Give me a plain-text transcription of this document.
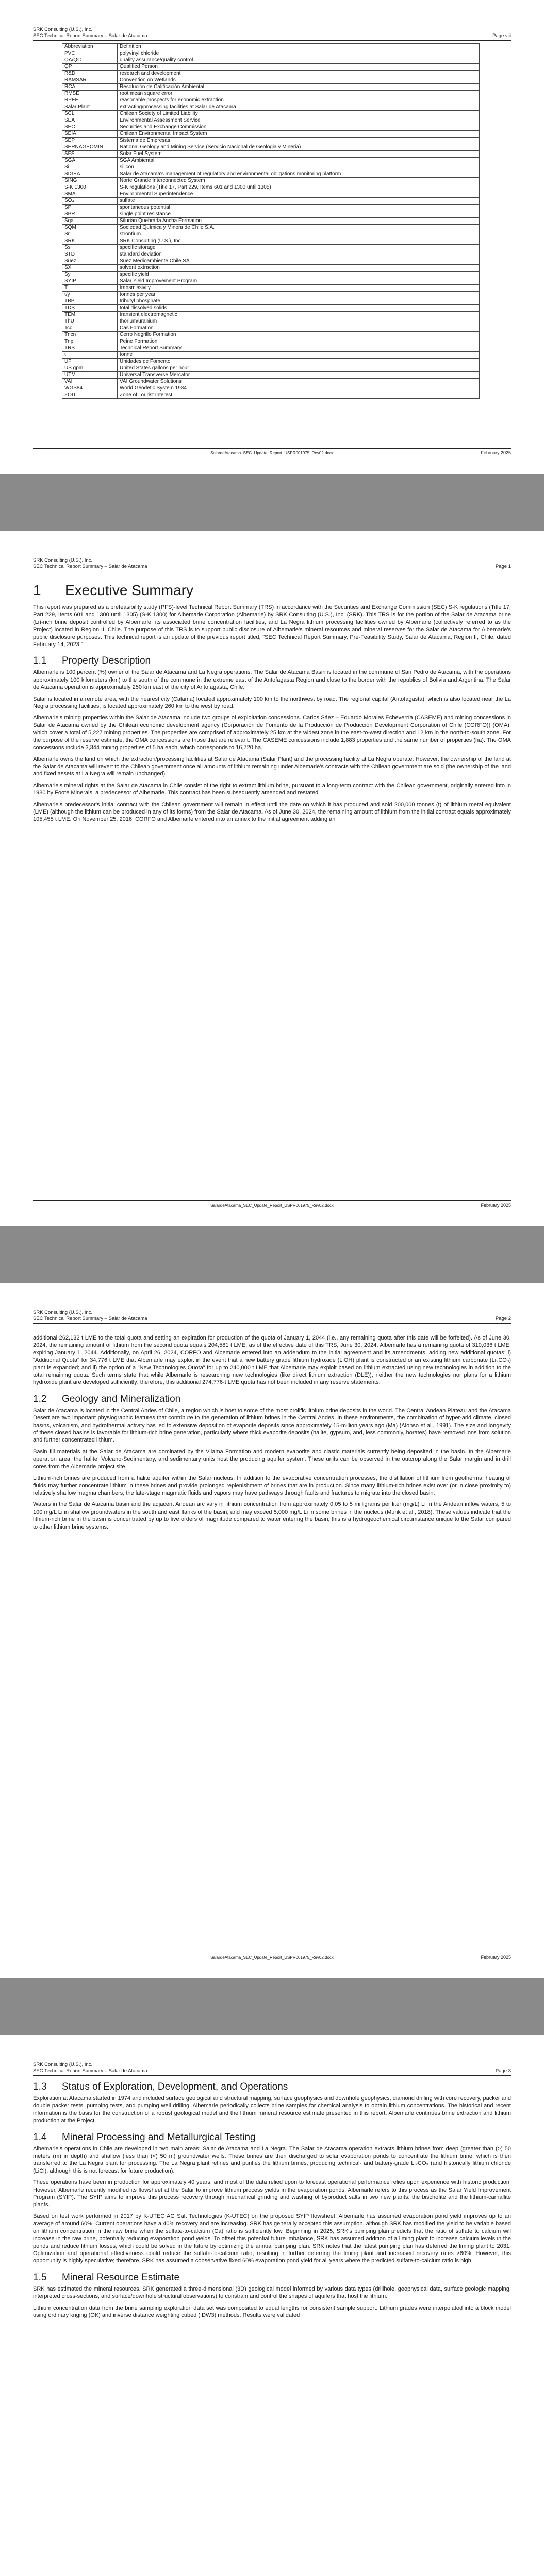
SRK Consulting (U.S.), Inc.
SEC Technical Report Summary – Salar de Atacama	Page viii
Abbreviation	Definition
PVC	polyvinyl chloride
QA/QC	quality assurance/quality control
QP	Qualified Person
R&D	research and development
RAMSAR	Convention on Wetlands
RCA	Resolución de Calificación Ambiental
RMSE	root mean square error
RPEE	reasonable prospects for economic extraction
Salar Plant	extracting/processing facilities at Salar de Atacama
SCL	Chilean Society of Limited Liability
SEA	Environmental Assessment Service
SEC	Securities and Exchange Commission
SEIA	Chilean Environmental Impact System
SEP	Sistema de Empresas
SERNAGEOMIN	National Geology and Mining Service (Servicio Nacional de Geologia y Mineria)
SFS	Solar Fuel System
SGA	SGA Ambiental
Si	silicon
SIGEA	Salar de Atacama's management of regulatory and environmental obligations monitoring platform
SING	Norte Grande Interconnected System
S-K 1300	S-K regulations (Title 17, Part 229, Items 601 and 1300 until 1305)
SMA	Environmental Superintendence
SO₄	sulfate
SP	spontaneous potential
SPR	single point resistance
Sqa	Silurian Quebrada Ancha Formation
SQM	Sociedad Química y Minera de Chile S.A.
Sr	strontium
SRK	SRK Consulting (U.S.), Inc.
Ss	specific storage
STD	standard deviation
Suez	Suez Medioambiente Chile SA
SX	solvent extraction
Sy	specific yield
SYIP	Salar Yield Improvement Program
T	transmissivity
t/y	tonnes per year
TBP	tributyl phosphate
TDS	total dissolved solids
TEM	transient electromagnetic
ThU	thorium/uranium
Tcc	Cas Formation
Tncn	Cerro Negrillo Formation
Tnp	Peine Formation
TRS	Technical Report Summary
t	tonne
UF	Unidades de Fomento
US gpm	United States gallons per hour
UTM	Universal Transverse Mercator
VAI	VAI Groundwater Solutions
WGS84	World Geodetic System 1984
ZOIT	Zone of Tourist Interest
SalardeAtacama_SEC_Update_Report_USPR001975_Rev02.docx	February 2025
SRK Consulting (U.S.), Inc.
SEC Technical Report Summary – Salar de Atacama	Page 1
1	Executive Summary

This report was prepared as a prefeasibility study (PFS)-level Technical Report Summary (TRS) in accordance with the Securities and Exchange Commission (SEC) S-K regulations (Title 17, Part 229, Items 601 and 1300 until 1305) (S-K 1300) for Albemarle Corporation (Albemarle) by SRK Consulting (U.S.), Inc. (SRK). This TRS is for the portion of the Salar de Atacama brine (Li)-rich brine deposit controlled by Albemarle, its associated brine concentration facilities, and La Negra lithium processing facilities owned by Albemarle (collectively referred to as the Project) located in Region II, Chile. The purpose of this TRS is to support public disclosure of Albemarle's mineral resources and mineral reserves for the Salar de Atacama for Albemarle's public disclosure purposes. This technical report is an update of the previous report titled, "SEC Technical Report Summary, Pre-Feasibility Study, Salar de Atacama, Region II, Chile, dated February 14, 2023."

1.1	Property Description

Albemarle is 100 percent (%) owner of the Salar de Atacama and La Negra operations. The Salar de Atacama Basin is located in the commune of San Pedro de Atacama, with the operations approximately 100 kilometers (km) to the south of the commune in the extreme east of the Antofagasta Region and close to the border with the republics of Bolivia and Argentina. The Salar de Atacama operation is approximately 250 km east of the city of Antofagasta, Chile.

Salar is located in a remote area, with the nearest city (Calama) located approximately 100 km to the northwest by road. The regional capital (Antofagasta), which is also located near the La Negra processing facilities, is located approximately 260 km to the west by road.

Albemarle's mining properties within the Salar de Atacama include two groups of exploitation concessions. Carlos Sáez – Eduardo Morales Echeverría (CASEME) and mining concessions in Salar de Atacama owned by the Chilean economic development agency (Corporación de Fomento de la Producción de Producción Development Corporation of Chile (CORFO)) (OMA), which cover a total of 5,227 mining properties. The properties are comprised of approximately 25 km at the widest zone in the east-to-west direction and 12 km in the north-to-south zone. For the purpose of the reserve estimate, the OMA concessions are those that are relevant. The CASEME concessions include 1,883 properties and the same number of properties (ha). The OMA concessions include 3,344 mining properties of 5 ha each, which corresponds to 16,720 ha.

Albemarle owns the land on which the extraction/processing facilities at Salar de Atacama (Salar Plant) and the processing facility at La Negra operate. However, the ownership of the land at the Salar de Atacama will revert to the Chilean government once all amounts of lithium remaining under Albemarle's contracts with the Chilean government are sold (the ownership of the land and fixed assets at La Negra will remain unchanged).

Albemarle's mineral rights at the Salar de Atacama in Chile consist of the right to extract lithium brine, pursuant to a long-term contract with the Chilean government, originally entered into in 1980 by Foote Minerals, a predecessor of Albemarle. This contract has been subsequently amended and restated.

Albemarle's predecessor's initial contract with the Chilean government will remain in effect until the date on which it has produced and sold 200,000 tonnes (t) of lithium metal equivalent (LME) (although the lithium can be produced in any of its forms) from the Salar de Atacama. As of June 30, 2024, the remaining amount of lithium from the initial contract equals approximately 105,455 t LME. On November 25, 2016, CORFO and Albemarle entered into an annex to the initial agreement adding an

SalardeAtacama_SEC_Update_Report_USPR001975_Rev02.docx	February 2025
SRK Consulting (U.S.), Inc.
SEC Technical Report Summary – Salar de Atacama	Page 2

additional 262,132 t LME to the total quota and setting an expiration for production of the quota of January 1, 2044 (i.e., any remaining quota after this date will be forfeited). As of June 30, 2024, the remaining amount of lithium from the second quota equals 204,581 t LME; as of the effective date of this TRS, June 30, 2024, Albemarle has a remaining quota of 310,036 t LME, expiring January 1, 2044. Additionally, on April 26, 2024, CORFO and Albemarle entered into an addendum to the initial agreement and its amendments, adding new additional quotas: i) "Additional Quota" for 34,776 t LME that Albemarle may exploit in the event that a new battery grade lithium hydroxide (LiOH) plant is constructed or an existing lithium carbonate (Li₂CO₃) plant is expanded; and ii) the option of a "New Technologies Quota" for up to 240,000 t LME that Albemarle may exploit based on lithium extracted using new technologies in addition to the total remaining quota. Such terms state that while Albemarle is researching new technologies (like direct lithium extraction (DLE)), neither the new technologies nor plans for a lithium hydroxide plant are developed sufficiently; therefore, this additional 274,776-t LME quota has not been included in any reserve statements.

1.2	Geology and Mineralization

Salar de Atacama is located in the Central Andes of Chile, a region which is host to some of the most prolific lithium brine deposits in the world. The Central Andean Plateau and the Atacama Desert are two important physiographic features that contribute to the generation of lithium brines in the Central Andes. In these environments, the combination of hyper-arid climate, closed basins, volcanism, and hydrothermal activity has led to extensive deposition of evaporite deposits since approximately 15-million years ago (Ma) (Alonso et al., 1991). The size and longevity of these closed basins is favorable for lithium-rich brine generation, particularly where thick evaporite deposits (halite, gypsum, and, less commonly, borates) have removed ions from solution and further concentrated lithium.

Basin fill materials at the Salar de Atacama are dominated by the Vilama Formation and modern evaporite and clastic materials currently being deposited in the basin. In the Albemarle operation area, the halite, Volcano-Sedimentary, and sedimentary units host the producing aquifer system. These units can be observed in the outcrop along the Salar margin and in drill cores from the Albemarle project site.

Lithium-rich brines are produced from a halite aquifer within the Salar nucleus. In addition to the evaporative concentration processes, the distillation of lithium from geothermal heating of fluids may further concentrate lithium in these brines and provide prolonged replenishment of brines that are in production. Since many lithium-rich brines exist over (or in close proximity to) relatively shallow magma chambers, the late-stage magmatic fluids and vapors may have pathways through faults and fractures to migrate into the closed basin.

Waters in the Salar de Atacama basin and the adjacent Andean arc vary in lithium concentration from approximately 0.05 to 5 milligrams per liter (mg/L) Li in the Andean inflow waters, 5 to 100 mg/L Li in shallow groundwaters in the south and east flanks of the basin, and may exceed 5,000 mg/L Li in some brines in the nucleus (Munk et al., 2018). These values indicate that the lithium-rich brine in the basin is concentrated by up to five orders of magnitude compared to water entering the basin; this is a hydrogeochemical circumstance unique to the Salar compared to other lithium brine systems.

SalardeAtacama_SEC_Update_Report_USPR001975_Rev02.docx	February 2025
SRK Consulting (U.S.), Inc.
SEC Technical Report Summary – Salar de Atacama	Page 3
1.3	Status of Exploration, Development, and Operations

Exploration at Atacama started in 1974 and included surface geological and structural mapping, surface geophysics and downhole geophysics, diamond drilling with core recovery, packer and double packer tests, pumping tests, and pumping well drilling. Albemarle periodically collects brine samples for chemical analysis to obtain lithium concentrations. The historical and recent information is the basis for the construction of a robust geological model and the lithium mineral resource estimate presented in this report. Albemarle continues brine extraction and lithium production at the Project.

1.4	Mineral Processing and Metallurgical Testing

Albemarle's operations in Chile are developed in two main areas: Salar de Atacama and La Negra. The Salar de Atacama operation extracts lithium brines from deep (greater than (>) 50 meters (m) in depth) and shallow (less than (<) 50 m) groundwater wells. These brines are then discharged to solar evaporation ponds to concentrate the lithium brine, which is then transferred to the La Negra plant for processing. The La Negra plant refines and purifies the lithium brines, producing technical- and battery-grade Li₂CO₃ (and historically lithium chloride (LiCl), although this is not forecast for future production).

These operations have been in production for approximately 40 years, and most of the data relied upon to forecast operational performance relies upon experience with historic production. However, Albemarle recently modified its flowsheet at the Salar to improve lithium process yields in the evaporation ponds. Albemarle refers to this process as the Salar Yield Improvement Program (SYIP). The SYIP aims to improve this process recovery through mechanical grinding and washing of byproduct salts in two new plants: the bischofite and the lithium-carnallite plants.

Based on test work performed in 2017 by K-UTEC AG Salt Technologies (K-UTEC) on the proposed SYIP flowsheet, Albemarle has assumed evaporation pond yield improves up to an average of around 60%. Current operations have a 40% recovery and are increasing. SRK has generally accepted this assumption, although SRK has modified the yield to be variable based on lithium concentration in the raw brine when the sulfate-to-calcium (Ca) ratio is sufficiently low. Beginning in 2025, SRK's pumping plan predicts that the ratio of sulfate to calcium will increase in the raw brine, potentially reducing evaporation pond yields. To offset this potential future imbalance, SRK has assumed addition of a liming plant to increase calcium levels in the ponds and reduce lithium losses, which could be solved in the future by optimizing the annual pumping plan. SRK notes that the latest pumping plan has deferred the liming plant to 2031. Optimization and operational effectiveness could reduce the sulfate-to-calcium ratio, resulting in further deferring the liming plant and increased recovery rates >60%. However, this opportunity is highly speculative; therefore, SRK has assumed a conservative fixed 60% evaporation pond yield for all years where the predicted sulfate-to-calcium ratio is high.

1.5	Mineral Resource Estimate

SRK has estimated the mineral resources. SRK generated a three-dimensional (3D) geological model informed by various data types (drillhole, geophysical data, surface geologic mapping, interpreted cross-sections, and surface/downhole structural observations) to constrain and control the shapes of aquifers that host the lithium.

Lithium concentration data from the brine sampling exploration data set was composited to equal lengths for consistent sample support. Lithium grades were interpolated into a block model using ordinary kriging (OK) and inverse distance weighting cubed (IDW3) methods. Results were validated
